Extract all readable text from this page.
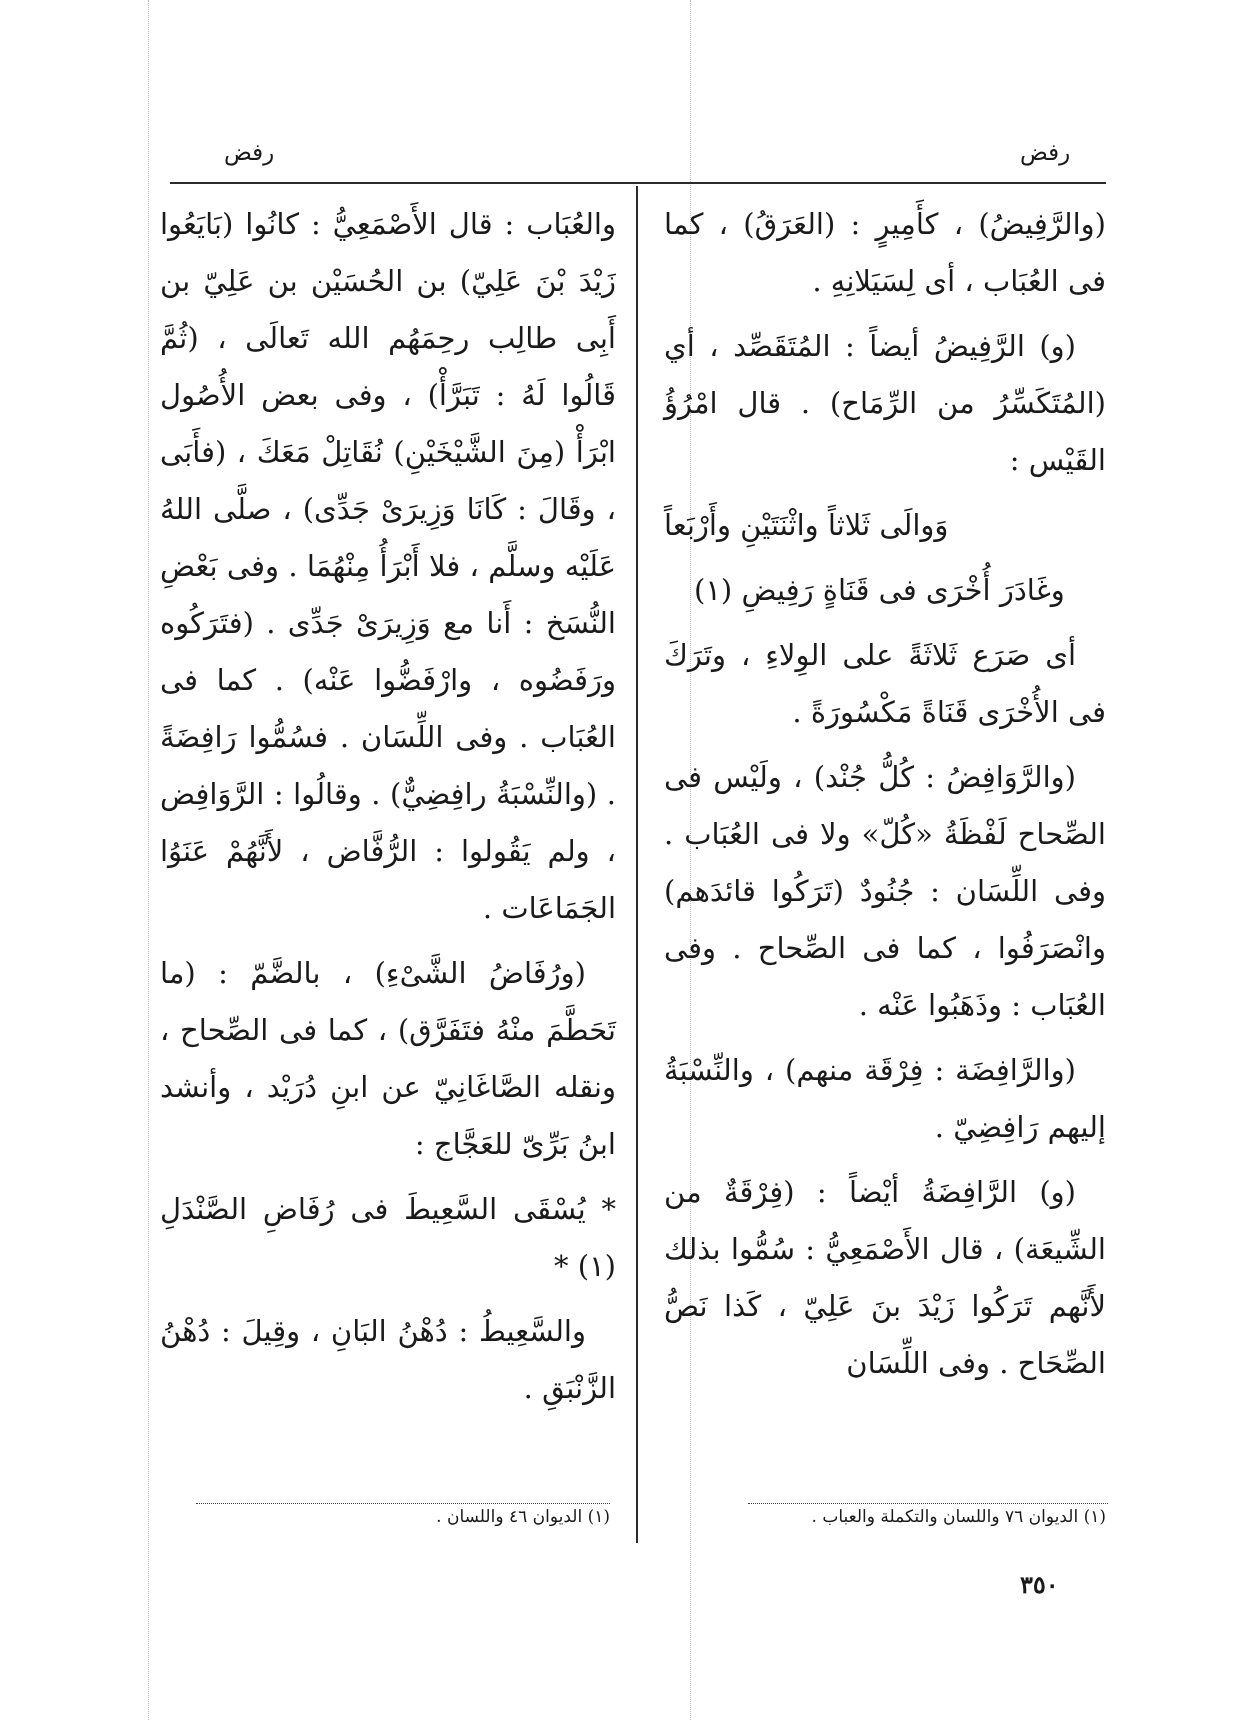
رفض
رفض

(والرَّفِيضُ) ، كأَمِيرٍ : (العَرَقُ) ، كما فى العُبَاب ، أى لِسَيَلانِهِ .

(و) الرَّفِيضُ أيضاً : المُتَقَصِّد ، أي (المُتَكَسِّرُ من الرِّمَاح) . قال امْرُؤُ القَيْس :

وَوالَى ثَلاثاً واثْنَتَيْنِ وأَرْبَعاً

وغَادَرَ أُخْرَى فى قَنَاةٍ رَفِيضِ (١)

أى صَرَع ثَلاثَةً على الوِلاءِ ، وتَرَكَ فى الأُخْرَى قَنَاةً مَكْسُورَةً .

(والرَّوَافِضُ : كُلُّ جُنْد) ، ولَيْس فى الصِّحاح لَفْظَةُ «كُلّ» ولا فى العُبَاب . وفى اللِّسَان : جُنُودٌ (تَرَكُوا قائدَهم) وانْصَرَفُوا ، كما فى الصِّحاح . وفى العُبَاب : وذَهَبُوا عَنْه .

(والرَّافِضَة : فِرْقَة منهم) ، والنِّسْبَةُ إليهم رَافِضِيّ .

(و) الرَّافِضَةُ أيْضاً : (فِرْقَةٌ من الشِّيعَة) ، قال الأَصْمَعِيُّ : سُمُّوا بذلك لأَنَّهم تَرَكُوا زَيْدَ بنَ عَلِيّ ، كَذا نَصُّ الصِّحَاح . وفى اللِّسَان

والعُبَاب : قال الأَصْمَعِيُّ : كانُوا (بَايَعُوا زَيْدَ بْنَ عَلِيّ) بن الحُسَيْن بن عَلِيّ بن أَبِى طالِب رحِمَهُم الله تَعالَى ، (ثُمَّ قَالُوا لَهُ : تَبَرَّأْ) ، وفى بعض الأُصُول ابْرَأْ (مِنَ الشَّيْخَيْنِ) نُقَاتِلْ مَعَكَ ، (فأَبَى ، وقَالَ : كَانَا وَزِيرَىْ جَدِّى) ، صلَّى اللهُ عَلَيْه وسلَّم ، فلا أَبْرَأُ مِنْهُمَا . وفى بَعْضِ النُّسَخ : أَنا مع وَزِيرَىْ جَدِّى . (فتَرَكُوه ورَفَضُوه ، وارْفَضُّوا عَنْه) . كما فى العُبَاب . وفى اللِّسَان . فسُمُّوا رَافِضَةً . (والنِّسْبَةُ رافِضِيٌّ) . وقالُوا : الرَّوَافِض ، ولم يَقُولوا : الرُّفَّاض ، لأَنَّهُمْ عَنَوُا الجَمَاعَات .

(ورُفَاضُ الشَّىْءِ) ، بالضَّمّ : (ما تَحَطَّمَ منْهُ فتَفَرَّق) ، كما فى الصِّحاح ، ونقله الصَّاغَانِيّ عن ابنِ دُرَيْد ، وأنشد ابنُ بَرِّىّ للعَجَّاج :

* يُسْقَى السَّعِيطَ فى رُفَاضِ الصَّنْدَلِ (١) *

والسَّعِيطُ : دُهْنُ البَانِ ، وقِيلَ : دُهْنُ الزَّنْبَقِ .

(١) الديوان ٧٦ واللسان والتكملة والعباب .
(١) الديوان ٤٦ واللسان .
٣٥٠
